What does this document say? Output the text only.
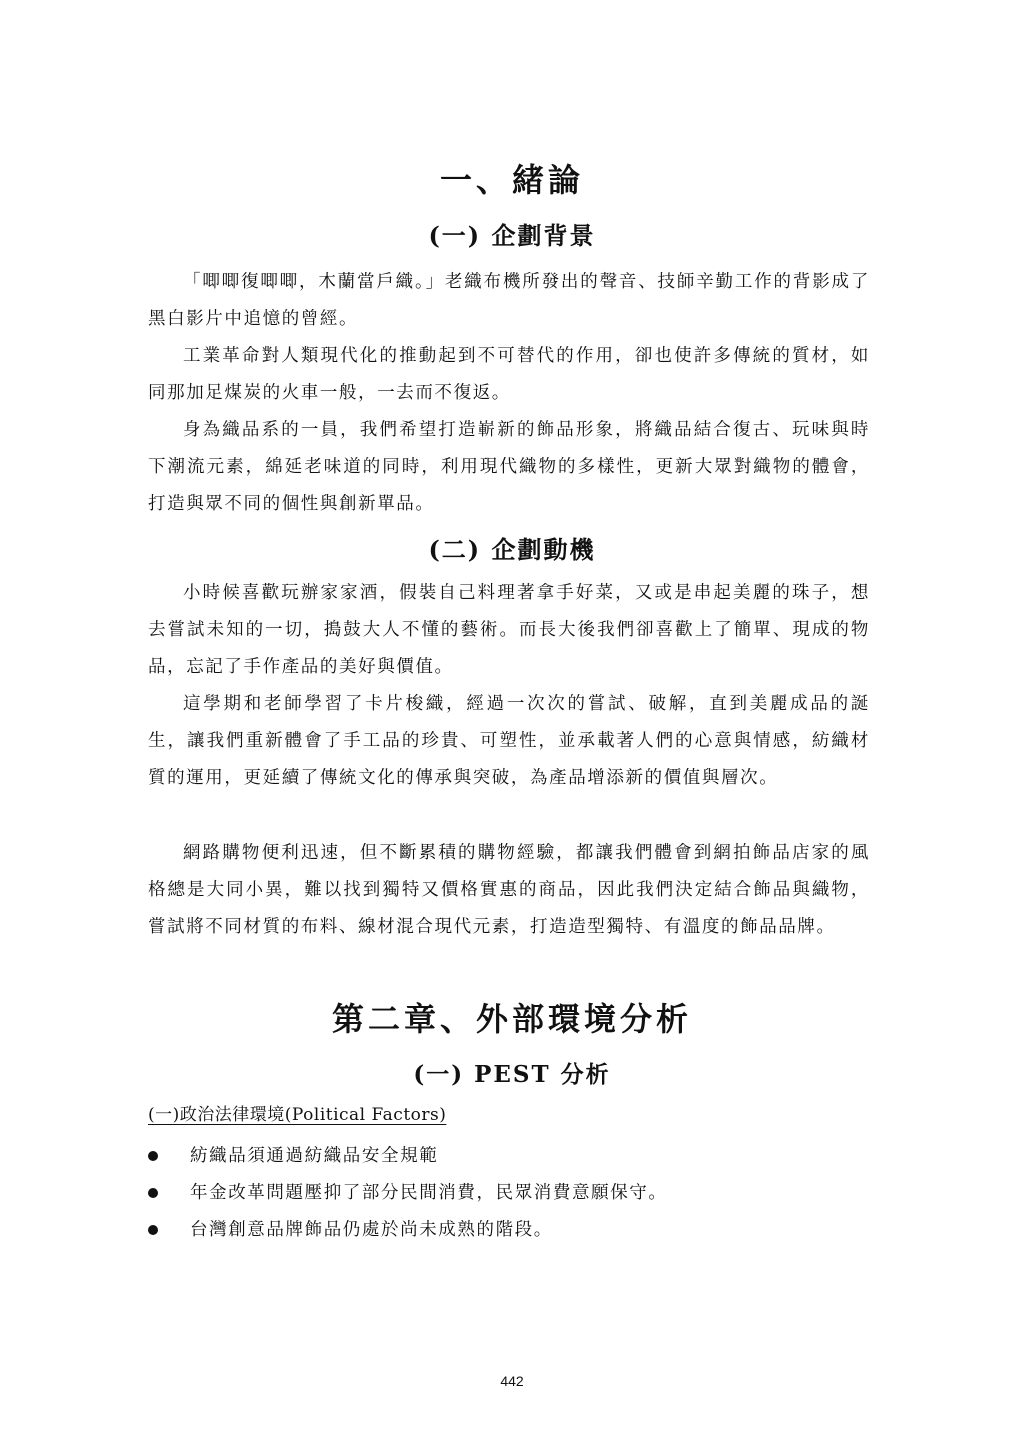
一、緒論
(一) 企劃背景

「唧唧復唧唧，木蘭當戶織。」老織布機所發出的聲音、技師辛勤工作的背影成了黑白影片中追憶的曾經。

工業革命對人類現代化的推動起到不可替代的作用，卻也使許多傳統的質材，如同那加足煤炭的火車一般，一去而不復返。

身為織品系的一員，我們希望打造嶄新的飾品形象，將織品結合復古、玩味與時下潮流元素，綿延老味道的同時，利用現代織物的多樣性，更新大眾對織物的體會，打造與眾不同的個性與創新單品。

(二) 企劃動機

小時候喜歡玩辦家家酒，假裝自己料理著拿手好菜，又或是串起美麗的珠子，想去嘗試未知的一切，搗鼓大人不懂的藝術。而長大後我們卻喜歡上了簡單、現成的物品，忘記了手作產品的美好與價值。

這學期和老師學習了卡片梭織，經過一次次的嘗試、破解，直到美麗成品的誕生，讓我們重新體會了手工品的珍貴、可塑性，並承載著人們的心意與情感，紡織材質的運用，更延續了傳統文化的傳承與突破，為產品增添新的價值與層次。

網路購物便利迅速，但不斷累積的購物經驗，都讓我們體會到網拍飾品店家的風格總是大同小異，難以找到獨特又價格實惠的商品，因此我們決定結合飾品與織物，嘗試將不同材質的布料、線材混合現代元素，打造造型獨特、有溫度的飾品品牌。

第二章、外部環境分析
(一) PEST 分析
(一)政治法律環境(Political Factors)
紡織品須通過紡織品安全規範
年金改革問題壓抑了部分民間消費，民眾消費意願保守。
台灣創意品牌飾品仍處於尚未成熟的階段。
442
